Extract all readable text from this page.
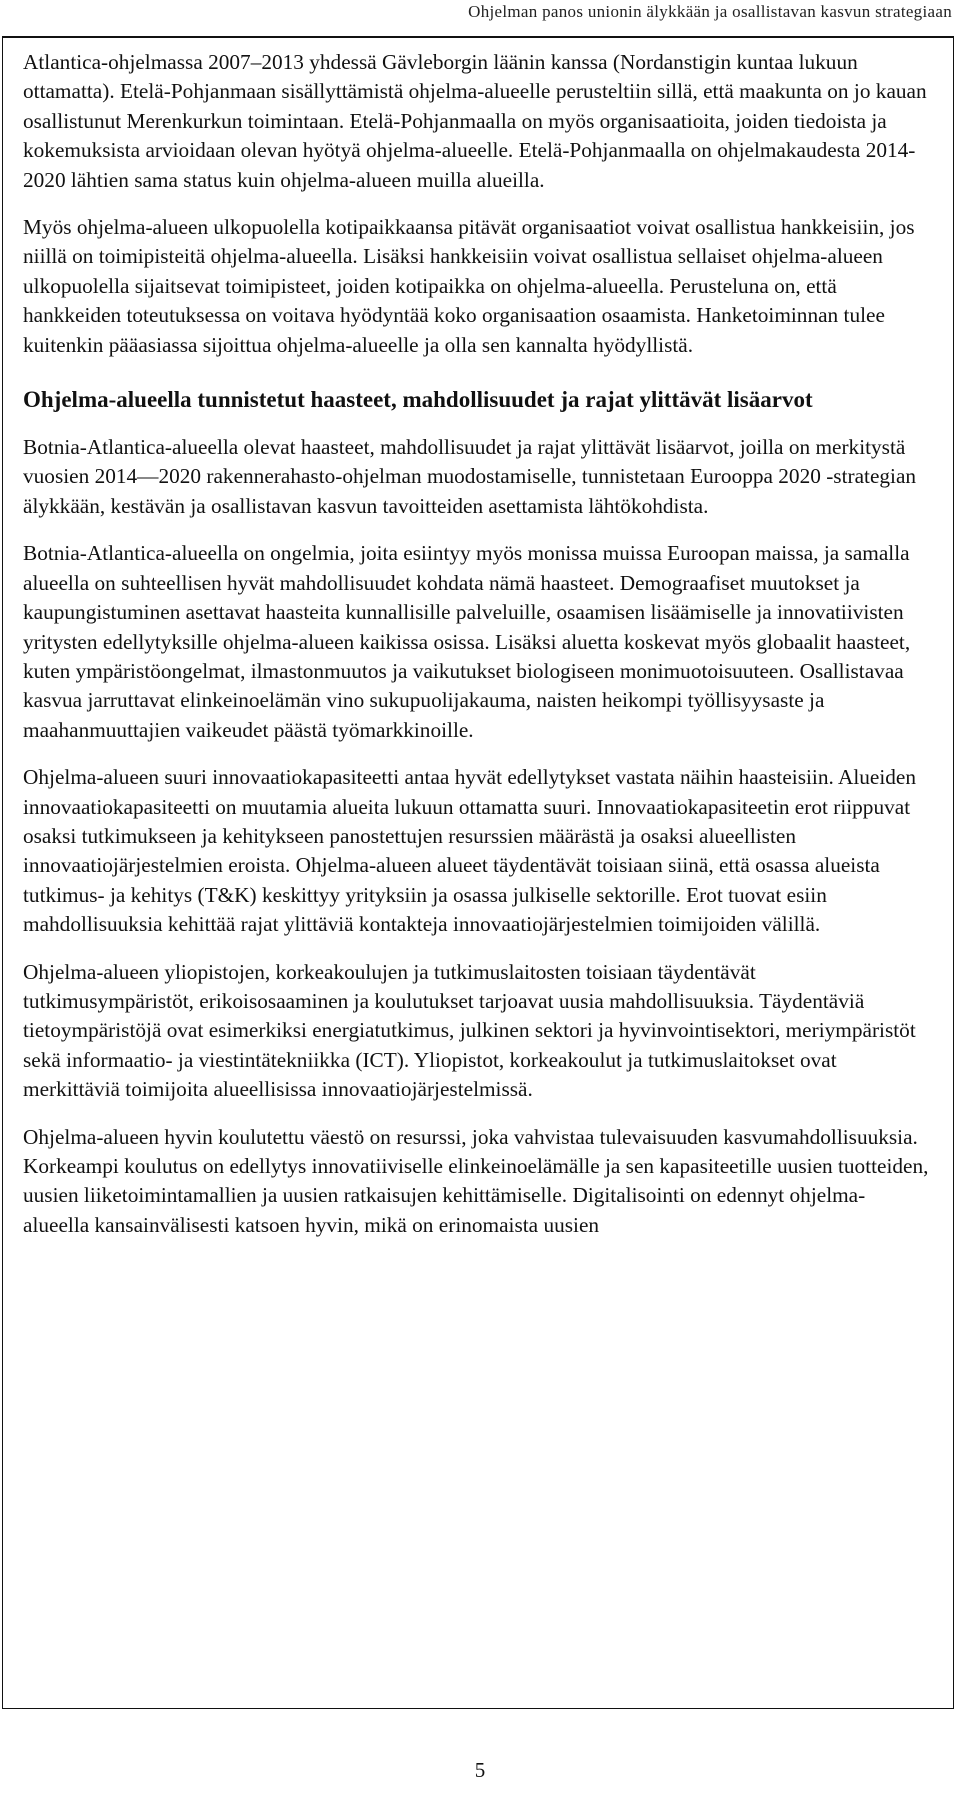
Ohjelman panos unionin älykkään ja osallistavan kasvun strategiaan

Atlantica-ohjelmassa 2007–2013 yhdessä Gävleborgin läänin kanssa (Nordanstigin kuntaa lukuun ottamatta). Etelä-Pohjanmaan sisällyttämistä ohjelma-alueelle perusteltiin sillä, että maakunta on jo kauan osallistunut Merenkurkun toimintaan. Etelä-Pohjanmaalla on myös organisaatioita, joiden tiedoista ja kokemuksista arvioidaan olevan hyötyä ohjelma-alueelle. Etelä-Pohjanmaalla on ohjelmakaudesta 2014-2020 lähtien sama status kuin ohjelma-alueen muilla alueilla.

Myös ohjelma-alueen ulkopuolella kotipaikkaansa pitävät organisaatiot voivat osallistua hankkeisiin, jos niillä on toimipisteitä ohjelma-alueella. Lisäksi hankkeisiin voivat osallistua sellaiset ohjelma-alueen ulkopuolella sijaitsevat toimipisteet, joiden kotipaikka on ohjelma-alueella. Perusteluna on, että hankkeiden toteutuksessa on voitava hyödyntää koko organisaation osaamista. Hanketoiminnan tulee kuitenkin pääasiassa sijoittua ohjelma-alueelle ja olla sen kannalta hyödyllistä.

Ohjelma-alueella tunnistetut haasteet, mahdollisuudet ja rajat ylittävät lisäarvot

Botnia-Atlantica-alueella olevat haasteet, mahdollisuudet ja rajat ylittävät lisäarvot, joilla on merkitystä vuosien 2014—2020 rakennerahasto-ohjelman muodostamiselle, tunnistetaan Eurooppa 2020 -strategian älykkään, kestävän ja osallistavan kasvun tavoitteiden asettamista lähtökohdista.

Botnia-Atlantica-alueella on ongelmia, joita esiintyy myös monissa muissa Euroopan maissa, ja samalla alueella on suhteellisen hyvät mahdollisuudet kohdata nämä haasteet. Demograafiset muutokset ja kaupungistuminen asettavat haasteita kunnallisille palveluille, osaamisen lisäämiselle ja innovatiivisten yritysten edellytyksille ohjelma-alueen kaikissa osissa. Lisäksi aluetta koskevat myös globaalit haasteet, kuten ympäristöongelmat, ilmastonmuutos ja vaikutukset biologiseen monimuotoisuuteen. Osallistavaa kasvua jarruttavat elinkeinoelämän vino sukupuolijakauma, naisten heikompi työllisyysaste ja maahanmuuttajien vaikeudet päästä työmarkkinoille.

Ohjelma-alueen suuri innovaatiokapasiteetti antaa hyvät edellytykset vastata näihin haasteisiin. Alueiden innovaatiokapasiteetti on muutamia alueita lukuun ottamatta suuri. Innovaatiokapasiteetin erot riippuvat osaksi tutkimukseen ja kehitykseen panostettujen resurssien määrästä ja osaksi alueellisten innovaatiojärjestelmien eroista. Ohjelma-alueen alueet täydentävät toisiaan siinä, että osassa alueista tutkimus- ja kehitys (T&K) keskittyy yrityksiin ja osassa julkiselle sektorille. Erot tuovat esiin mahdollisuuksia kehittää rajat ylittäviä kontakteja innovaatiojärjestelmien toimijoiden välillä.

Ohjelma-alueen yliopistojen, korkeakoulujen ja tutkimuslaitosten toisiaan täydentävät tutkimusympäristöt, erikoisosaaminen ja koulutukset tarjoavat uusia mahdollisuuksia. Täydentäviä tietoympäristöjä ovat esimerkiksi energiatutkimus, julkinen sektori ja hyvinvointisektori, meriympäristöt sekä informaatio- ja viestintätekniikka (ICT). Yliopistot, korkeakoulut ja tutkimuslaitokset ovat merkittäviä toimijoita alueellisissa innovaatiojärjestelmissä.

Ohjelma-alueen hyvin koulutettu väestö on resurssi, joka vahvistaa tulevaisuuden kasvumahdollisuuksia. Korkeampi koulutus on edellytys innovatiiviselle elinkeinoelämälle ja sen kapasiteetille uusien tuotteiden, uusien liiketoimintamallien ja uusien ratkaisujen kehittämiselle. Digitalisointi on edennyt ohjelma-alueella kansainvälisesti katsoen hyvin, mikä on erinomaista uusien

5
